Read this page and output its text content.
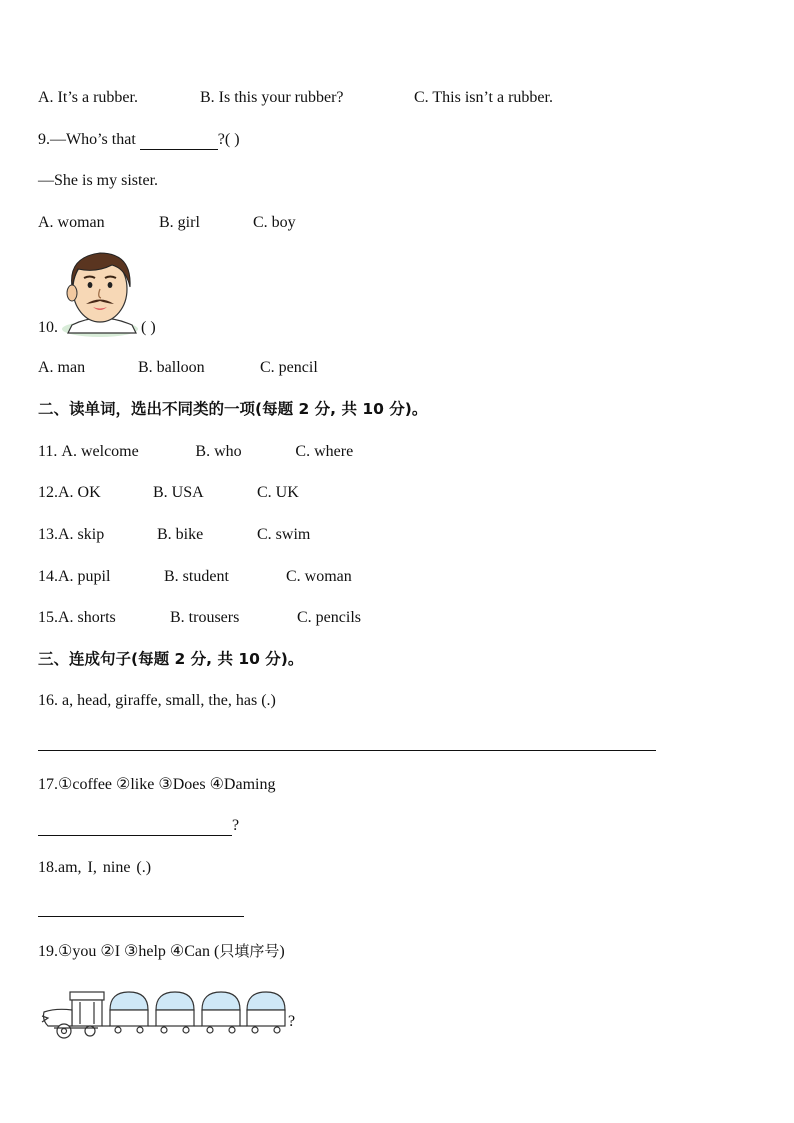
A. It’s a rubber.	B. Is this your rubber?	C. This isn’t a rubber.
9.—Who’s that	?( )
—She is my sister.
A. woman	B. girl	C. boy
10.	( )
A. man	B. balloon	C. pencil
二、读单词，选出不同类的一项(每题 2 分, 共 10 分)。
11. A. welcome	B. who	C. where
12.A. OK	B. USA	C. UK
13.A. skip	B. bike	C. swim
14.A. pupil	B. student	C. woman
15.A. shorts	B. trousers	C. pencils
三、连成句子(每题 2 分, 共 10 分)。
16. a, head, giraffe, small, the, has (.)
17.①coffee ②like ③Does ④Daming
?
18.am, I, nine (.)
19.①you ②I ③help ④Can (只填序号)
?
